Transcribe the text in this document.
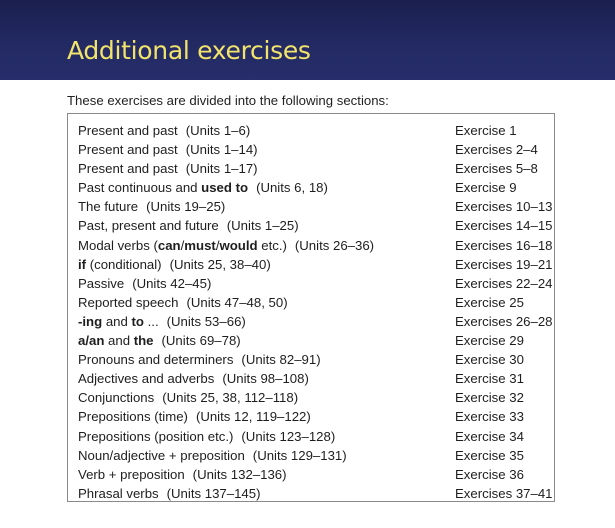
Additional exercises
These exercises are divided into the following sections:
Present and past (Units 1–6)	Exercise 1
Present and past (Units 1–14)	Exercises 2–4
Present and past (Units 1–17)	Exercises 5–8
Past continuous and used to (Units 6, 18)	Exercise 9
The future (Units 19–25)	Exercises 10–13
Past, present and future (Units 1–25)	Exercises 14–15
Modal verbs (can/must/would etc.) (Units 26–36)	Exercises 16–18
if (conditional) (Units 25, 38–40)	Exercises 19–21
Passive (Units 42–45)	Exercises 22–24
Reported speech (Units 47–48, 50)	Exercise 25
-ing and to ... (Units 53–66)	Exercises 26–28
a/an and the (Units 69–78)	Exercise 29
Pronouns and determiners (Units 82–91)	Exercise 30
Adjectives and adverbs (Units 98–108)	Exercise 31
Conjunctions (Units 25, 38, 112–118)	Exercise 32
Prepositions (time) (Units 12, 119–122)	Exercise 33
Prepositions (position etc.) (Units 123–128)	Exercise 34
Noun/adjective + preposition (Units 129–131)	Exercise 35
Verb + preposition (Units 132–136)	Exercise 36
Phrasal verbs (Units 137–145)	Exercises 37–41
